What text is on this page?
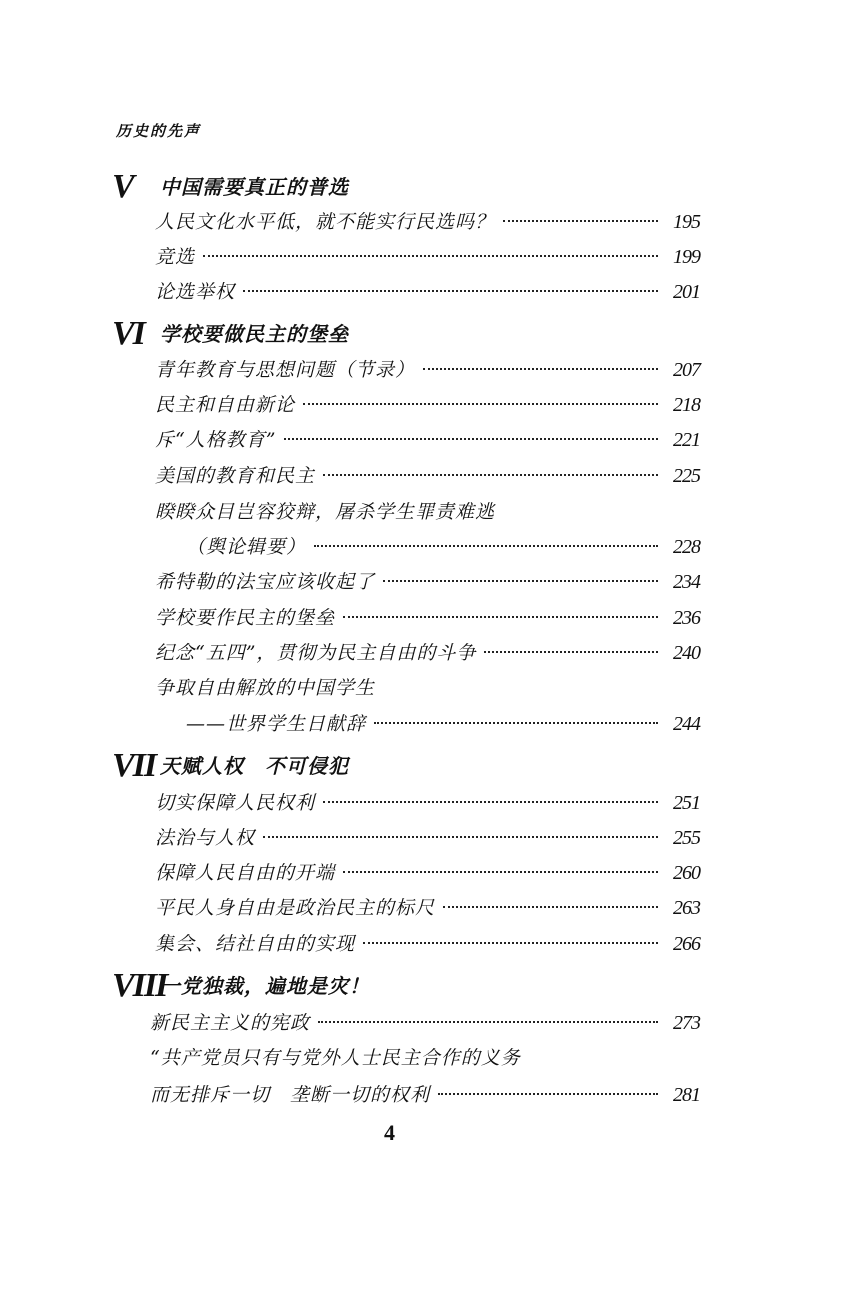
历史的先声
V 中国需要真正的普选
人民文化水平低，就不能实行民选吗？	195
竞选	199
论选举权	201
VI 学校要做民主的堡垒
青年教育与思想问题（节录）	207
民主和自由新论	218
斥“人格教育”	221
美国的教育和民主	225
睽睽众目岂容狡辩，屠杀学生罪责难逃
（舆论辑要）	228
希特勒的法宝应该收起了	234
学校要作民主的堡垒	236
纪念“五四”，贯彻为民主自由的斗争	240
争取自由解放的中国学生
——世界学生日献辞	244
VII 天赋人权　不可侵犯
切实保障人民权利	251
法治与人权	255
保障人民自由的开端	260
平民人身自由是政治民主的标尺	263
集会、结社自由的实现	266
VIII
一党独裁，遍地是灾！
新民主主义的宪政	273
“共产党员只有与党外人士民主合作的义务
而无排斥一切　垄断一切的权利	281
4
